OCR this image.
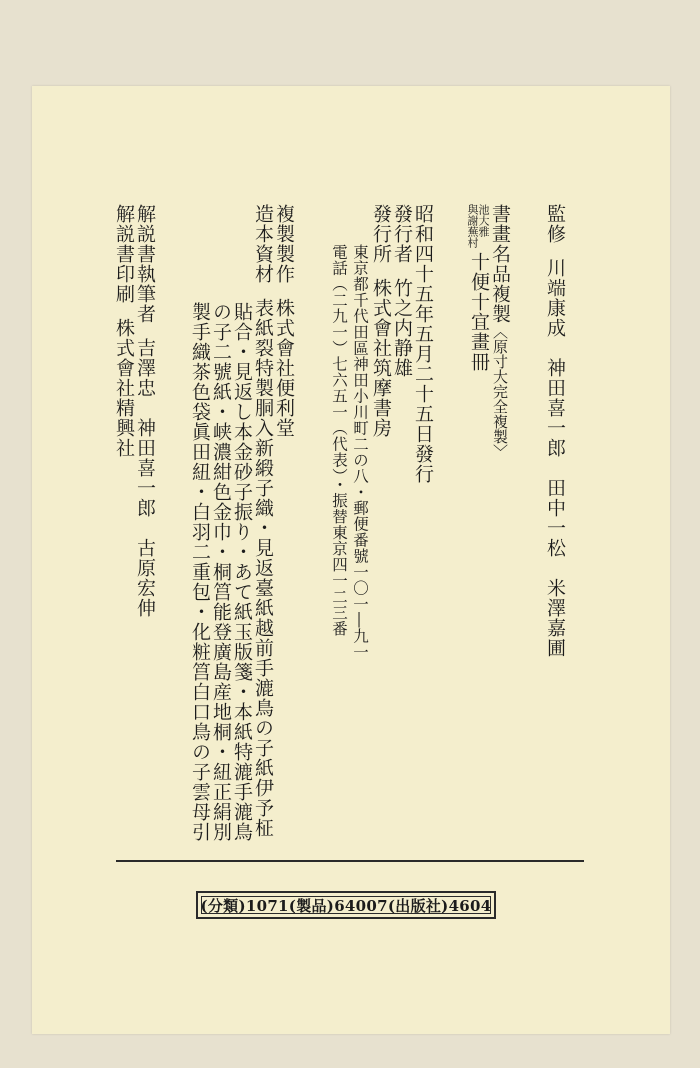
監修川端康成　神田喜一郎　田中一松　米澤嘉圃
書畫名品複製〈原寸大完全複製〉
池大雅
與謝蕪村
十便十宜畫冊
昭和四十五年五月二十五日發行
發行者竹之内静雄
發行所株式會社筑摩書房
東京都千代田區神田小川町二の八・郵便番號一〇一―九一
電話（二九一）七六五一（代表）・振替東京四一二三番
複製製作株式會社便利堂
造本資材表紙裂特製胴入新緞子織・見返臺紙越前手漉鳥の子紙伊予柾
貼合・見返し本金砂子振り・あて紙玉版箋・本紙特漉手漉鳥
の子二號紙・峡濃紺色金巾・桐筥能登廣島産地桐・紐正絹別
製手織茶色袋眞田紐・白羽二重包・化粧筥白口鳥の子雲母引
解説書執筆者吉澤忠　神田喜一郎　古原宏伸
解説書印刷株式會社精興社
(分類)1071(製品)64007(出版社)4604
